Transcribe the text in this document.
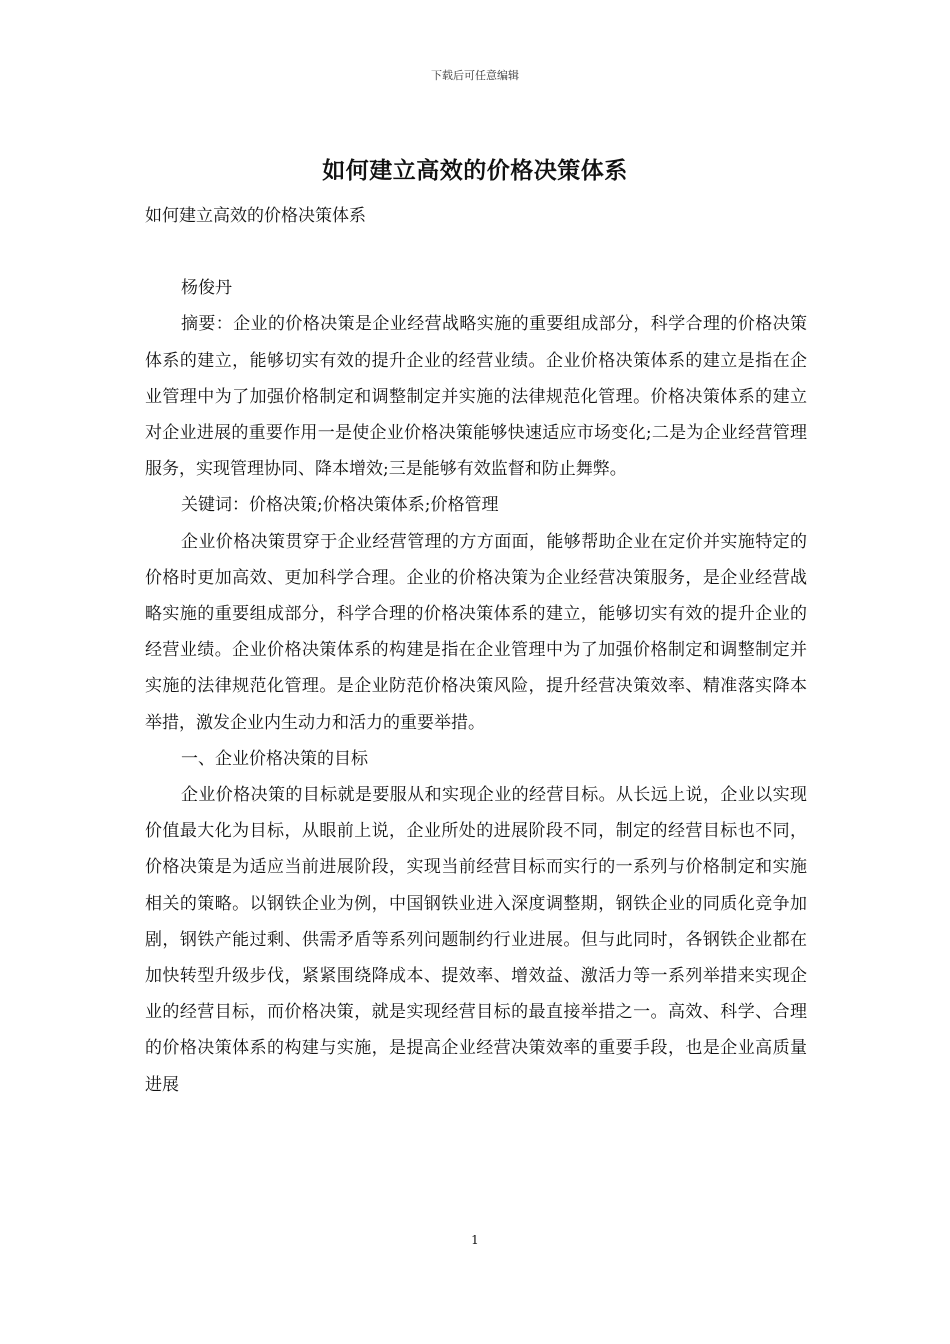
下载后可任意编辑
如何建立高效的价格决策体系

如何建立高效的价格决策体系

杨俊丹

摘要：企业的价格决策是企业经营战略实施的重要组成部分，科学合理的价格决策体系的建立，能够切实有效的提升企业的经营业绩。企业价格决策体系的建立是指在企业管理中为了加强价格制定和调整制定并实施的法律规范化管理。价格决策体系的建立对企业进展的重要作用一是使企业价格决策能够快速适应市场变化;二是为企业经营管理服务，实现管理协同、降本增效;三是能够有效监督和防止舞弊。

关键词：价格决策;价格决策体系;价格管理

企业价格决策贯穿于企业经营管理的方方面面，能够帮助企业在定价并实施特定的价格时更加高效、更加科学合理。企业的价格决策为企业经营决策服务，是企业经营战略实施的重要组成部分，科学合理的价格决策体系的建立，能够切实有效的提升企业的经营业绩。企业价格决策体系的构建是指在企业管理中为了加强价格制定和调整制定并实施的法律规范化管理。是企业防范价格决策风险，提升经营决策效率、精准落实降本举措，激发企业内生动力和活力的重要举措。

一、企业价格决策的目标

企业价格决策的目标就是要服从和实现企业的经营目标。从长远上说，企业以实现价值最大化为目标，从眼前上说，企业所处的进展阶段不同，制定的经营目标也不同，价格决策是为适应当前进展阶段，实现当前经营目标而实行的一系列与价格制定和实施相关的策略。以钢铁企业为例，中国钢铁业进入深度调整期，钢铁企业的同质化竞争加剧，钢铁产能过剩、供需矛盾等系列问题制约行业进展。但与此同时，各钢铁企业都在加快转型升级步伐，紧紧围绕降成本、提效率、增效益、激活力等一系列举措来实现企业的经营目标，而价格决策，就是实现经营目标的最直接举措之一。高效、科学、合理的价格决策体系的构建与实施，是提高企业经营决策效率的重要手段，也是企业高质量进展

1
